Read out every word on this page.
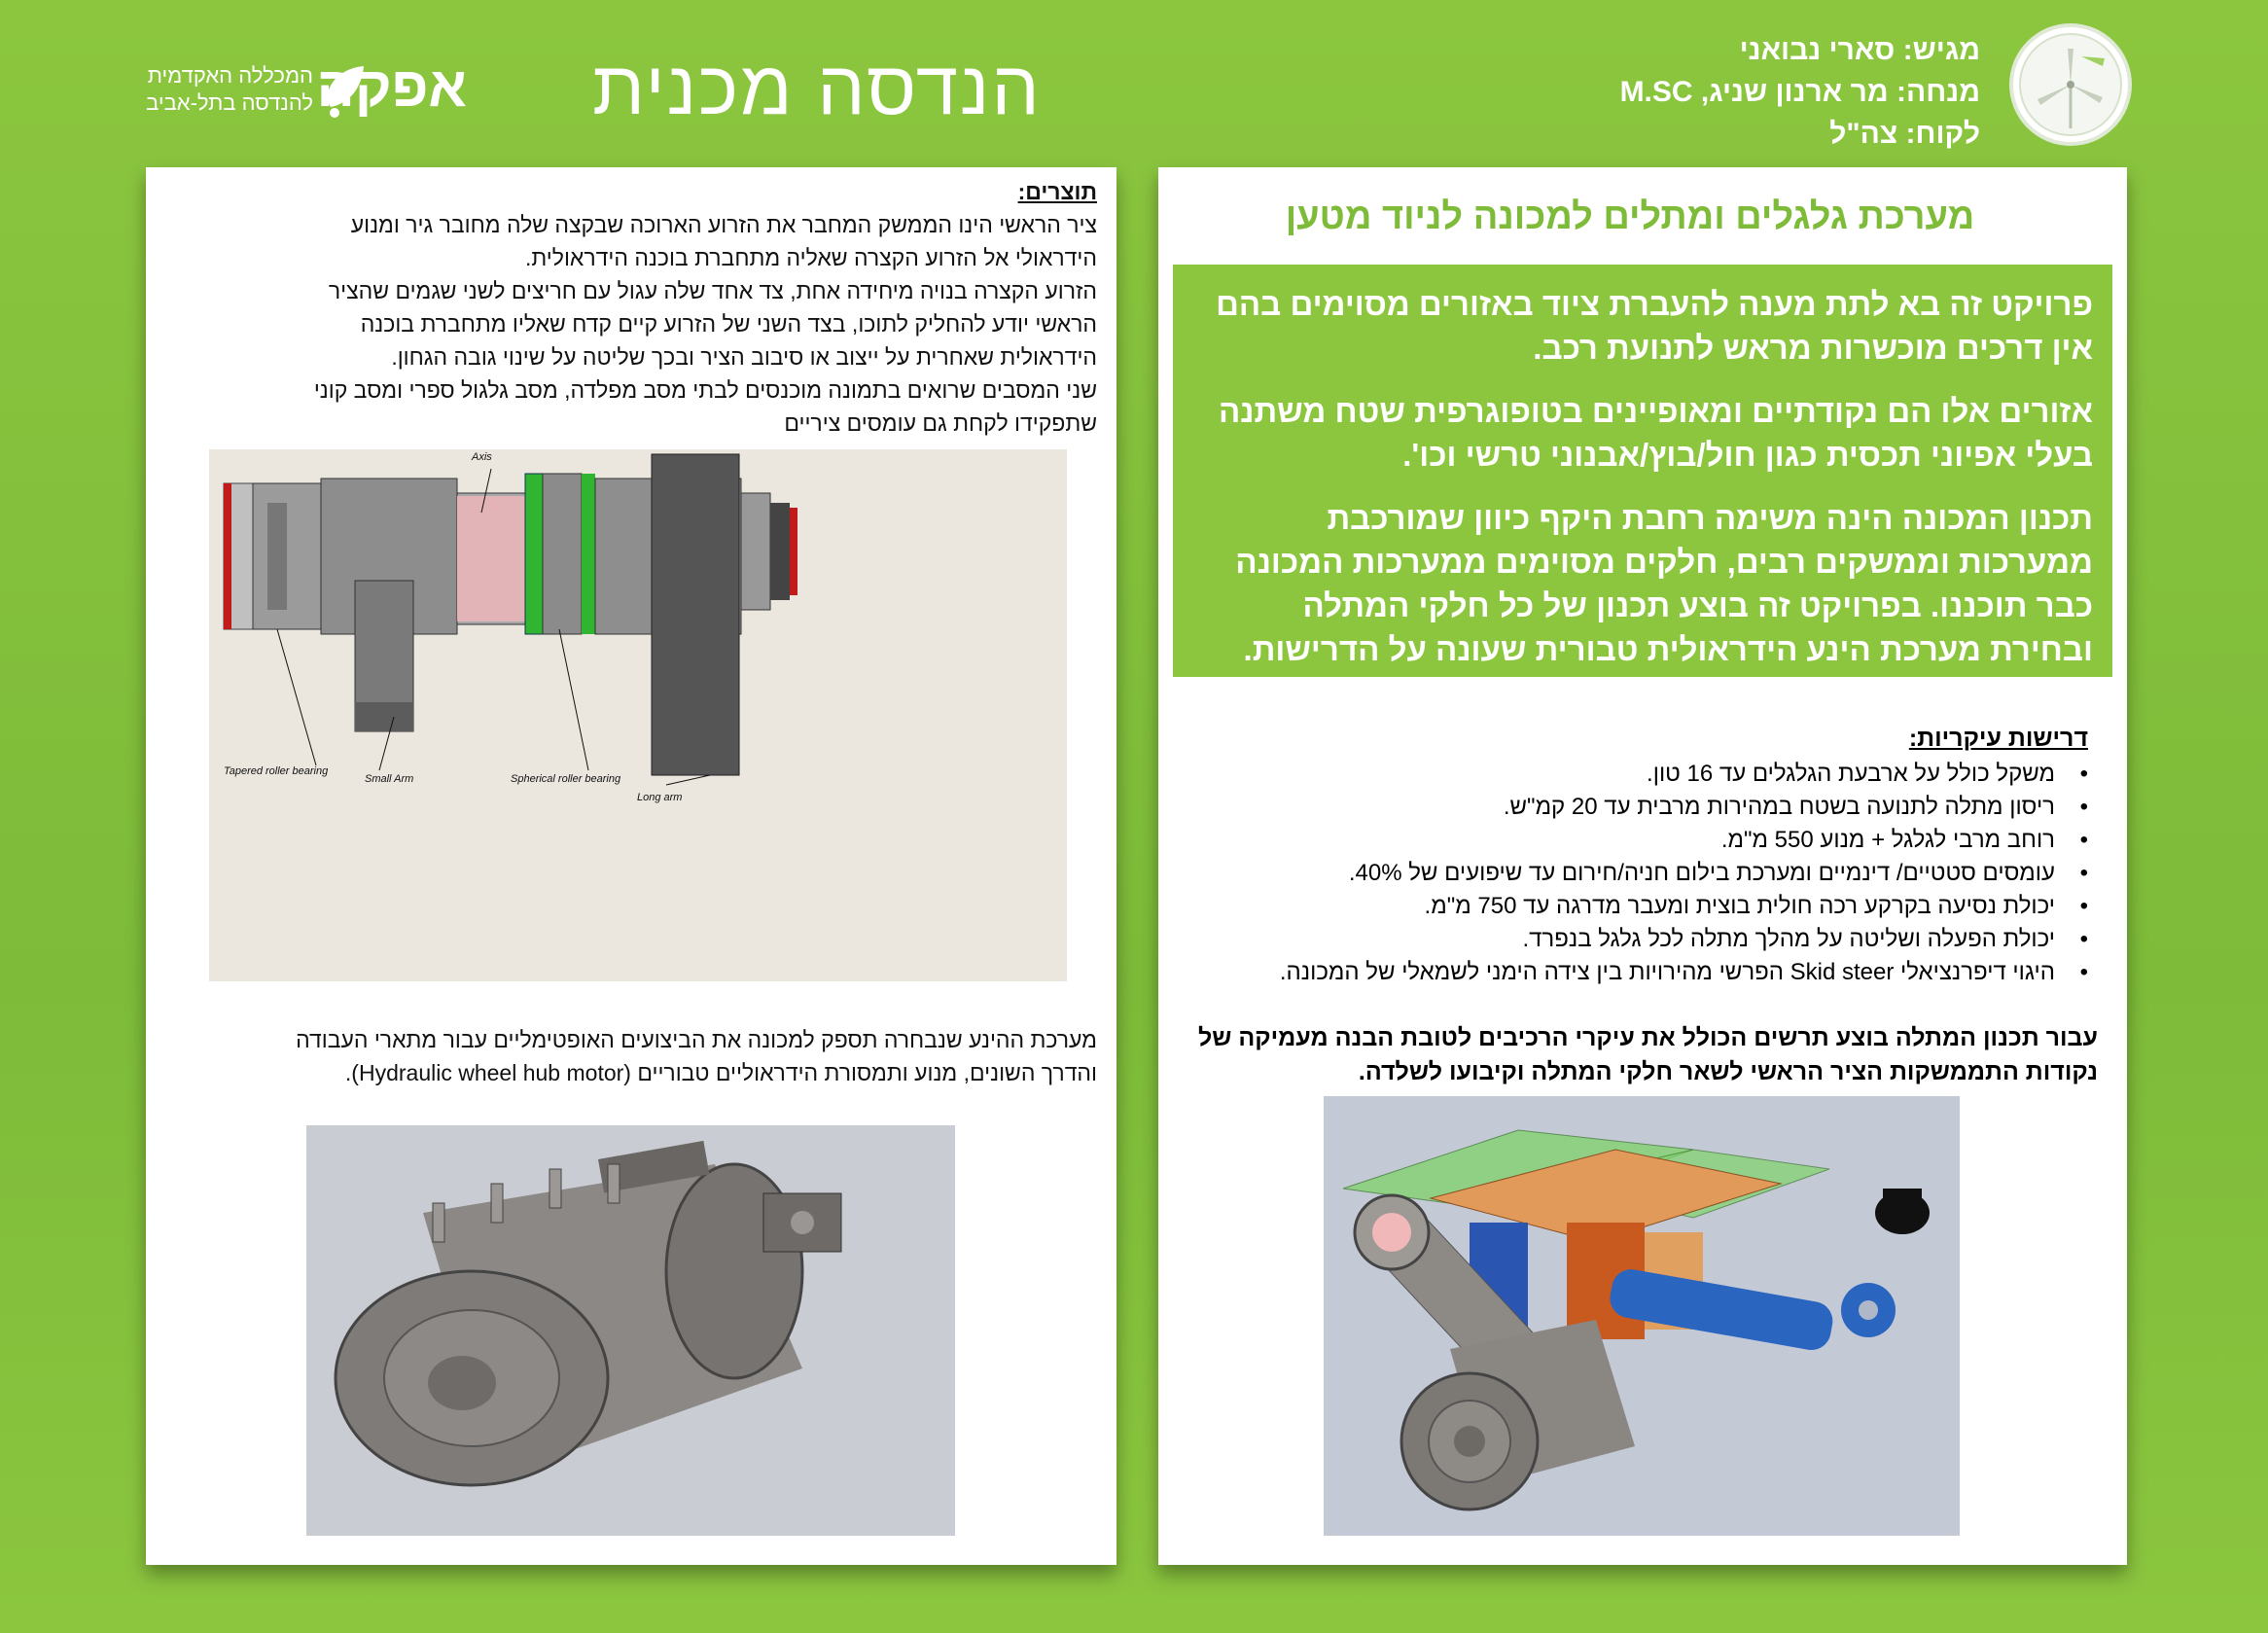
אפקה
המכללה האקדמית
להנדסה בתל-אביב	הנדסה מכנית	מגיש: סארי נבואני
מנחה: מר ארנון שניג, M.SC
לקוח: צה"ל
מערכת גלגלים ומתלים למכונה לניוד מטען

פרויקט זה בא לתת מענה להעברת ציוד באזורים מסוימים בהם אין דרכים מוכשרות מראש לתנועת רכב.

אזורים אלו הם נקודתיים ומאופיינים בטופוגרפית שטח משתנה בעלי אפיוני תכסית כגון חול/בוץ/אבנוני טרשי וכו'.

תכנון המכונה הינה משימה רחבת היקף כיוון שמורכבת ממערכות וממשקים רבים, חלקים מסוימים ממערכות המכונה כבר תוכננו. בפרויקט זה בוצע תכנון של כל חלקי המתלה ובחירת מערכת הינע הידראולית טבורית שעונה על הדרישות.

דרישות עיקריות:
• משקל כולל על ארבעת הגלגלים עד 16 טון.
• ריסון מתלה לתנועה בשטח במהירות מרבית עד 20 קמ"ש.
• רוחב מרבי לגלגל + מנוע 550 מ"מ.
• עומסים סטטיים/ דינמיים ומערכת בילום חניה/חירום עד שיפועים של 40%.
• יכולת נסיעה בקרקע רכה חולית בוצית ומעבר מדרגה עד 750 מ"מ.
• יכולת הפעלה ושליטה על מהלך מתלה לכל גלגל בנפרד.
• היגוי דיפרנציאלי Skid steer הפרשי מהירויות בין צידה הימני לשמאלי של המכונה.
עבור תכנון המתלה בוצע תרשים הכולל את עיקרי הרכיבים לטובת הבנה מעמיקה של נקודות התממשקות הציר הראשי לשאר חלקי המתלה וקיבועו לשלדה.
תוצרים:
ציר הראשי הינו הממשק המחבר את הזרוע הארוכה שבקצה שלה מחובר גיר ומנוע
הידראולי אל הזרוע הקצרה שאליה מתחברת בוכנה הידראולית.
הזרוע הקצרה בנויה מיחידה אחת, צד אחד שלה עגול עם חריצים לשני שגמים שהציר
הראשי יודע להחליק לתוכו, בצד השני של הזרוע קיים קדח שאליו מתחברת בוכנה
הידראולית שאחרית על ייצוב או סיבוב הציר ובכך שליטה על שינוי גובה הגחון.
שני המסבים שרואים בתמונה מוכנסים לבתי מסב מפלדה, מסב גלגול ספרי ומסב קוני
שתפקידו לקחת גם עומסים ציריים
Axis
Tapered roller bearing
Small Arm	Spherical roller bearing
Long arm
מערכת ההינע שנבחרה תספק למכונה את הביצועים האופטימליים עבור מתארי העבודה
והדרך השונים, מנוע ותמסורת הידראוליים טבוריים (Hydraulic wheel hub motor).
